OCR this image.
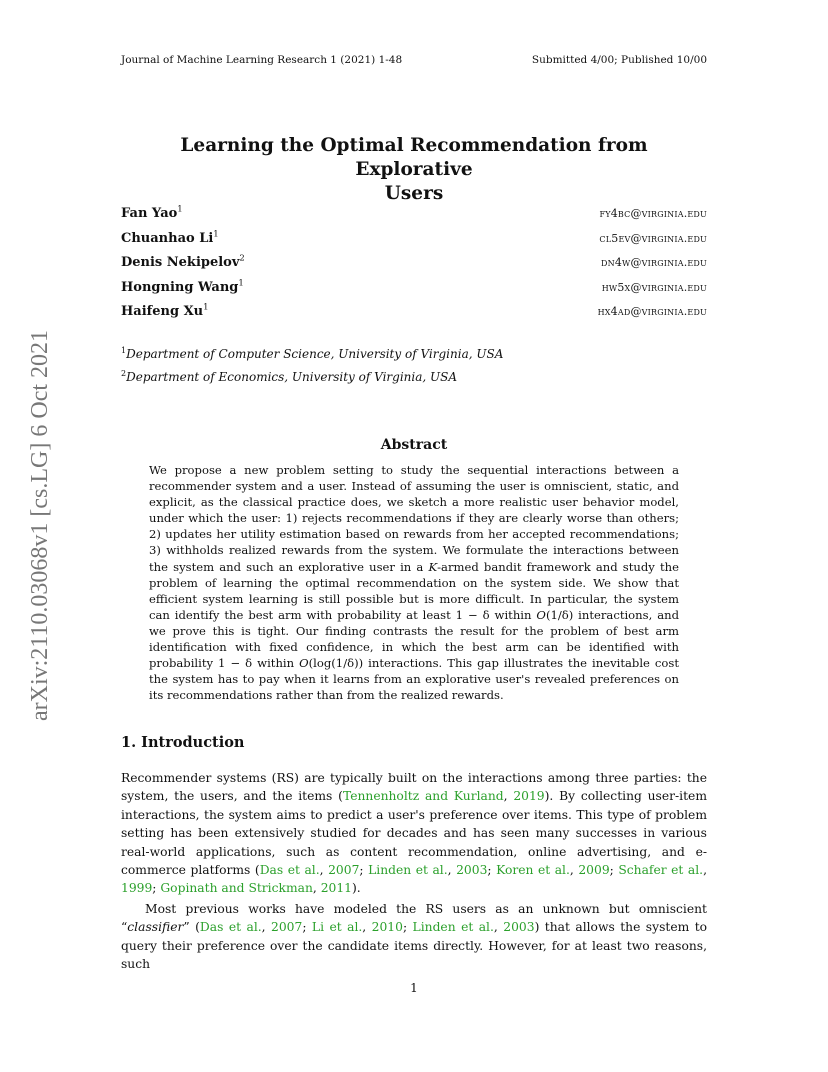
Journal of Machine Learning Research 1 (2021) 1-48	Submitted 4/00; Published 10/00
arXiv:2110.03068v1 [cs.LG] 6 Oct 2021
Learning the Optimal Recommendation from Explorative
Users
Fan Yao$^1$	fy4bc@virginia.edu
Chuanhao Li$^1$	cl5ev@virginia.edu
Denis Nekipelov$^2$	dn4w@virginia.edu
Hongning Wang$^1$	hw5x@virginia.edu
Haifeng Xu$^1$	hx4ad@virginia.edu
$^1$Department of Computer Science, University of Virginia, USA
$^2$Department of Economics, University of Virginia, USA
Abstract

We propose a new problem setting to study the sequential interactions between a recommender system and a user. Instead of assuming the user is omniscient, static, and explicit, as the classical practice does, we sketch a more realistic user behavior model, under which the user: 1) rejects recommendations if they are clearly worse than others; 2) updates her utility estimation based on rewards from her accepted recommendations; 3) withholds realized rewards from the system. We formulate the interactions between the system and such an explorative user in a K-armed bandit framework and study the problem of learning the optimal recommendation on the system side. We show that efficient system learning is still possible but is more difficult. In particular, the system can identify the best arm with probability at least 1 − δ within O(1/δ) interactions, and we prove this is tight. Our finding contrasts the result for the problem of best arm identification with fixed confidence, in which the best arm can be identified with probability 1 − δ within O(log(1/δ)) interactions. This gap illustrates the inevitable cost the system has to pay when it learns from an explorative user's revealed preferences on its recommendations rather than from the realized rewards.

1. Introduction

Recommender systems (RS) are typically built on the interactions among three parties: the system, the users, and the items (Tennenholtz and Kurland, 2019). By collecting user-item interactions, the system aims to predict a user's preference over items. This type of problem setting has been extensively studied for decades and has seen many successes in various real-world applications, such as content recommendation, online advertising, and e-commerce platforms (Das et al., 2007; Linden et al., 2003; Koren et al., 2009; Schafer et al., 1999; Gopinath and Strickman, 2011).

Most previous works have modeled the RS users as an unknown but omniscient “classifier” (Das et al., 2007; Li et al., 2010; Linden et al., 2003) that allows the system to query their preference over the candidate items directly. However, for at least two reasons, such

1
